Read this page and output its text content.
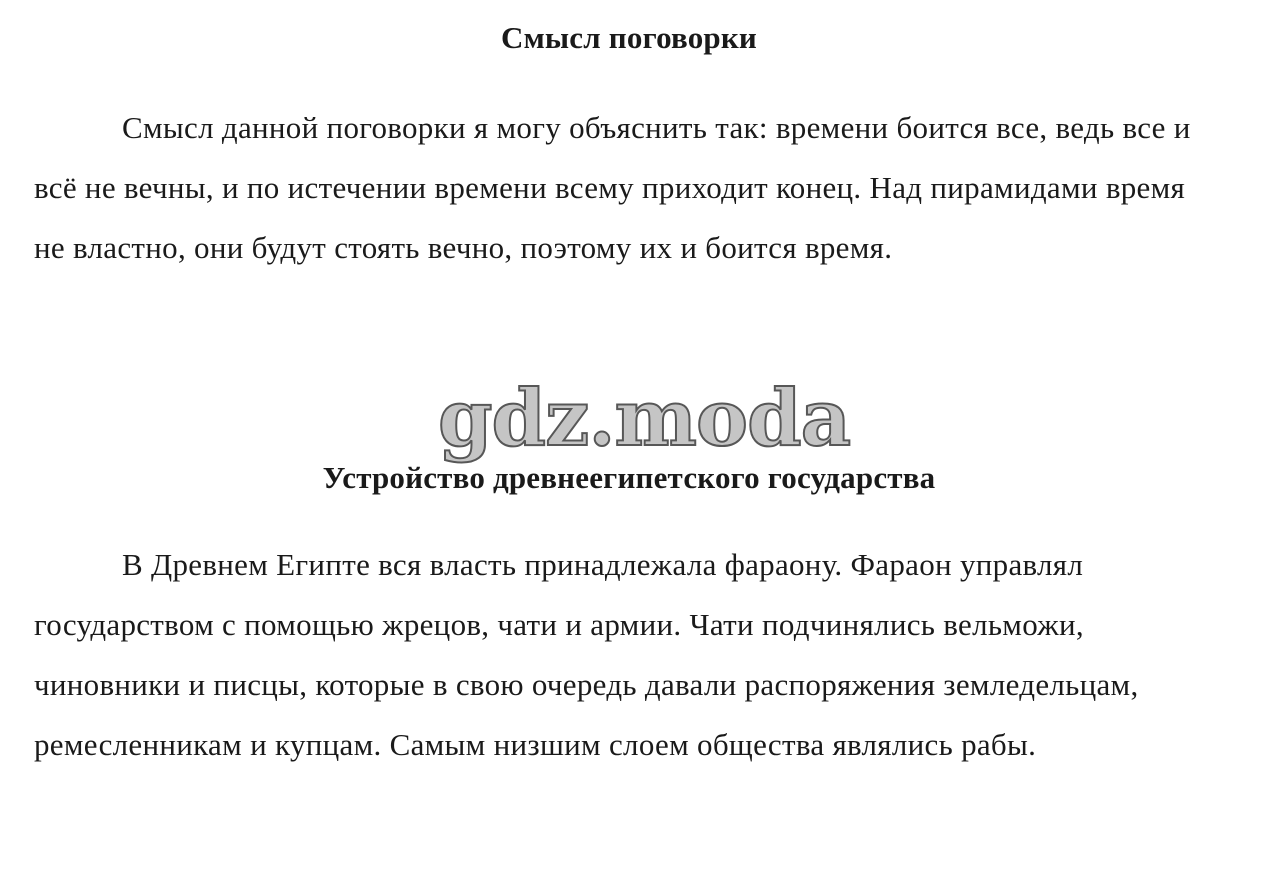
Смысл поговорки

Смысл данной поговорки я могу объяснить так: времени боится все, ведь все и всё не вечны, и по истечении времени всему приходит конец. Над пирамидами время не властно, они будут стоять вечно, поэтому их и боится время.

Устройство древнеегипетского государства

В Древнем Египте вся власть принадлежала фараону. Фараон управлял государством с помощью жрецов, чати и армии. Чати подчинялись вельможи, чиновники и писцы, которые в свою очередь давали распоряжения земледельцам, ремесленникам и купцам. Самым низшим слоем общества являлись рабы.

gdz.moda
